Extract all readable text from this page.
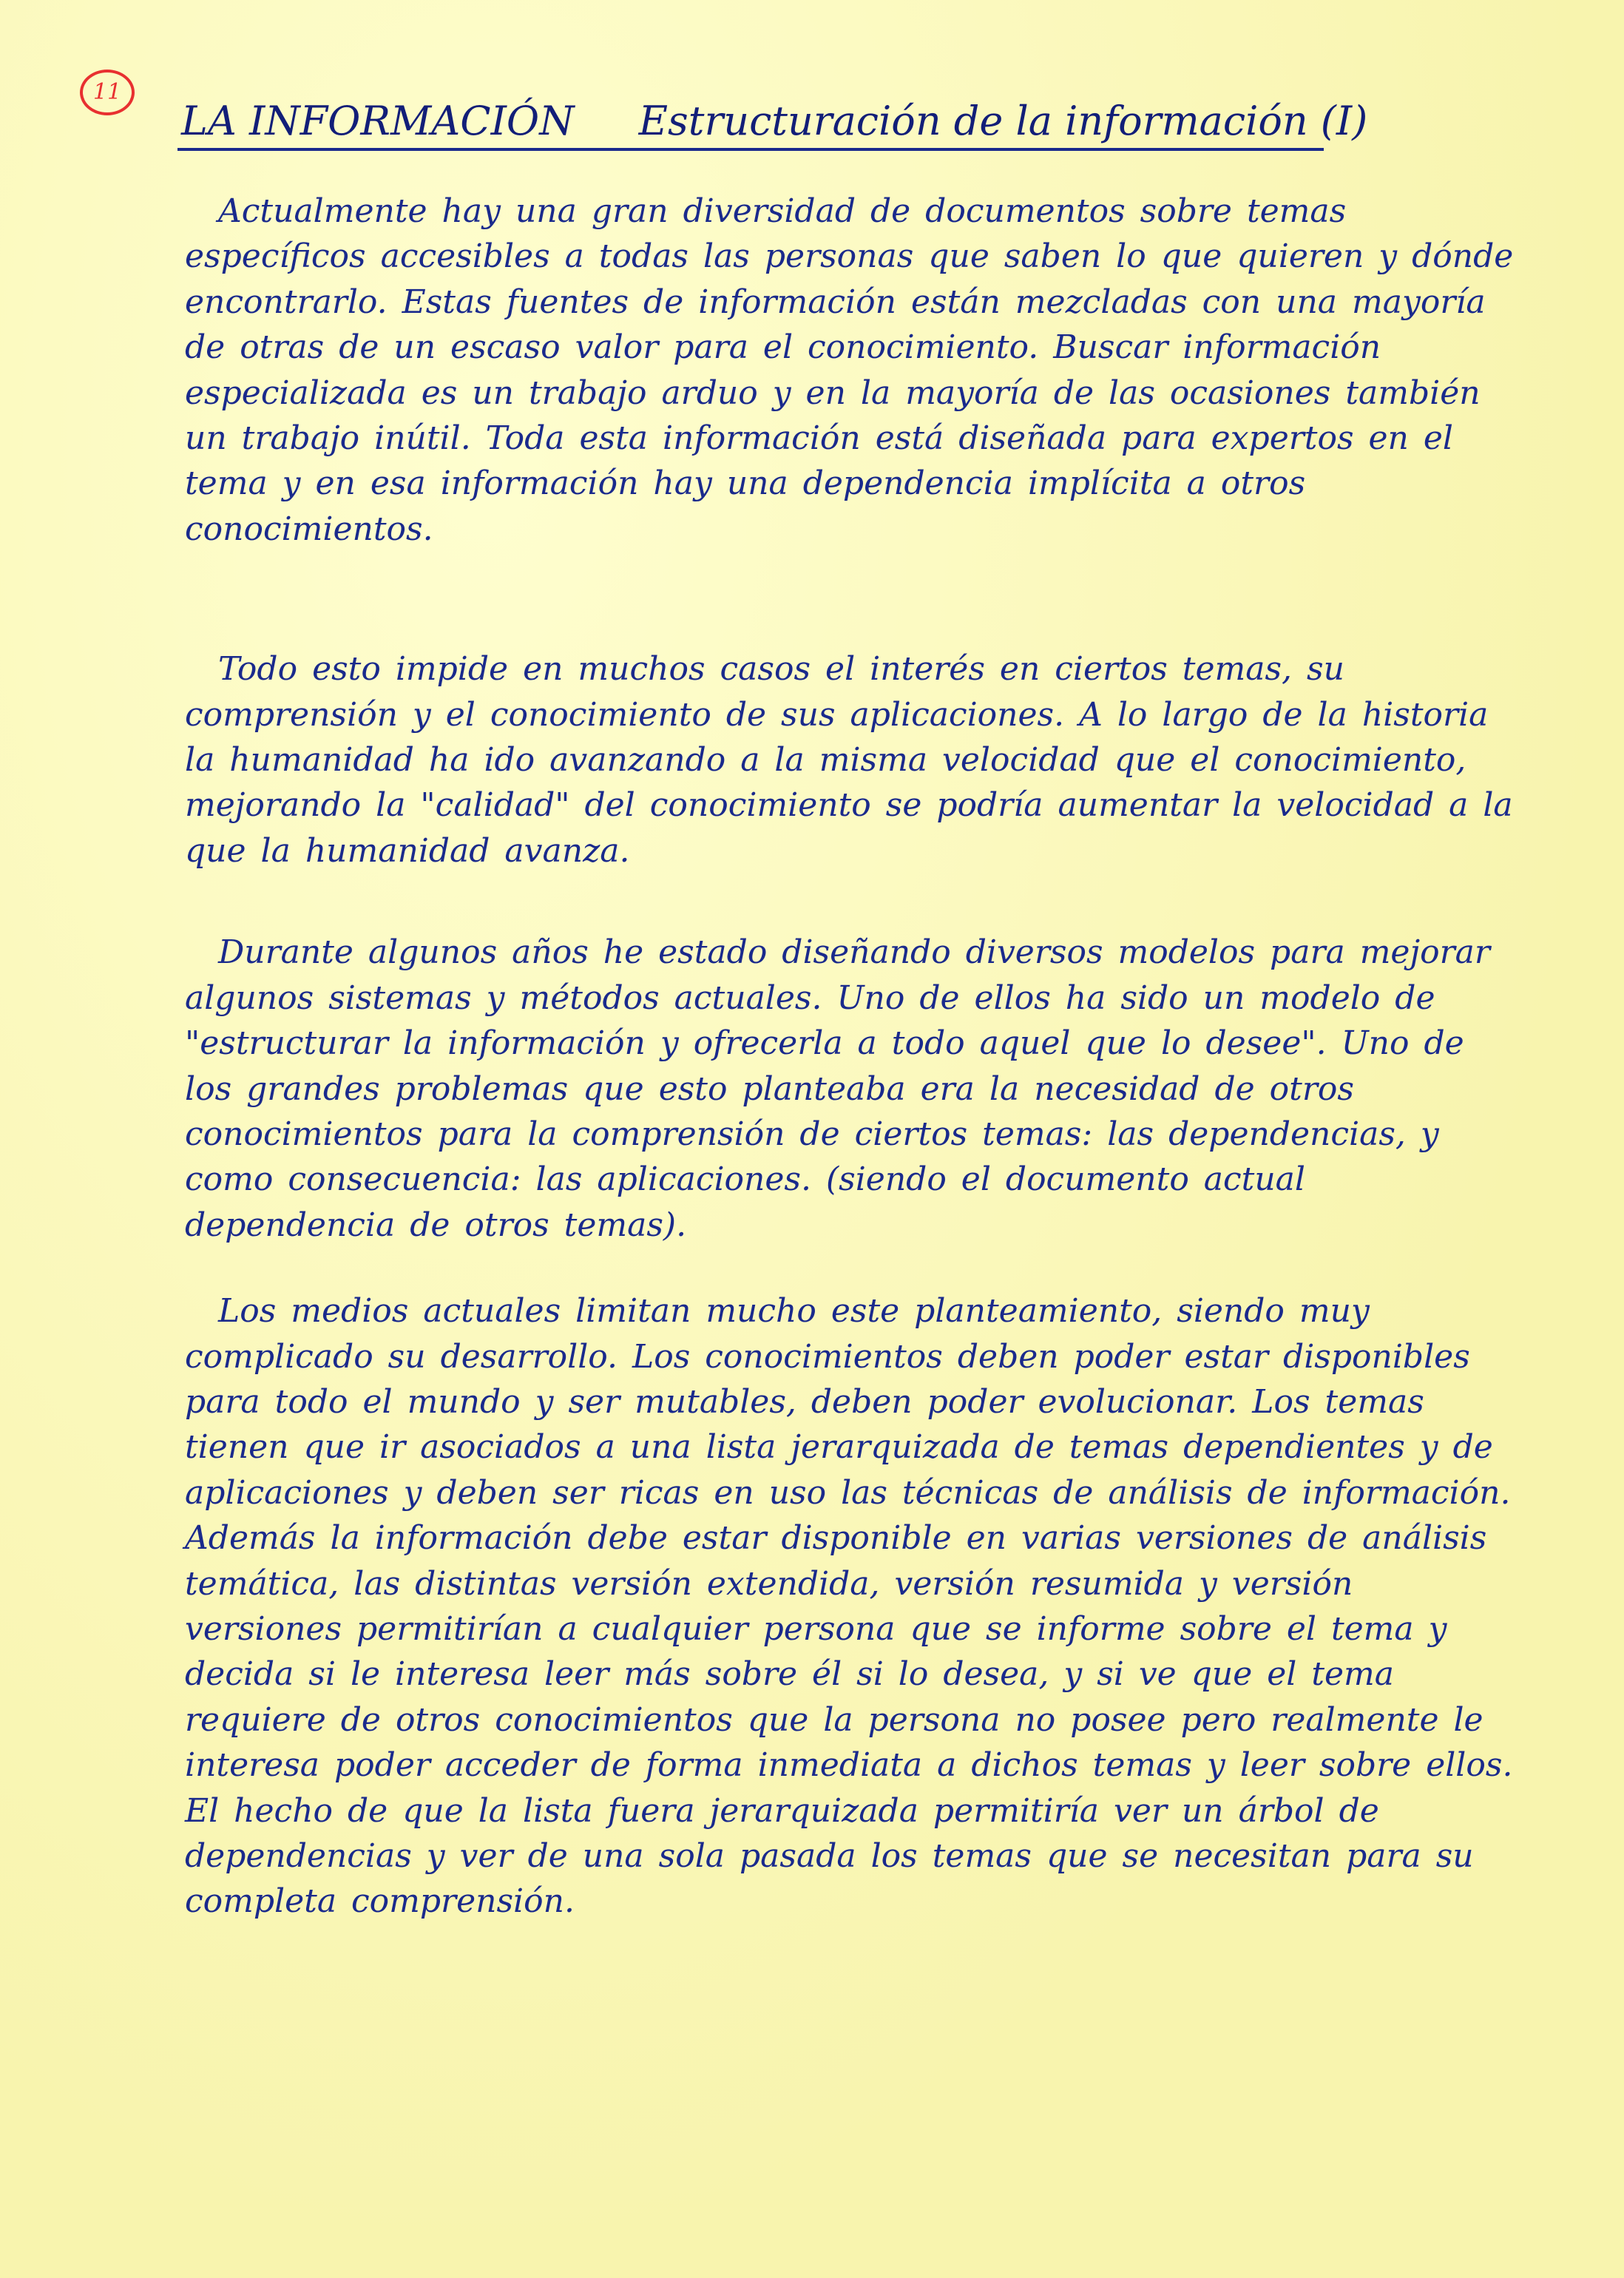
11
LA INFORMACIÓN Estructuración de la información (I)

Actualmente hay una gran diversidad de documentos sobre temas específicos accesibles a todas las personas que saben lo que quieren y dónde encontrarlo. Estas fuentes de información están mezcladas con una mayoría de otras de un escaso valor para el conocimiento. Buscar información especializada es un trabajo arduo y en la mayoría de las ocasiones también un trabajo inútil. Toda esta información está diseñada para expertos en el tema y en esa información hay una dependencia implícita a otros conocimientos.

Todo esto impide en muchos casos el interés en ciertos temas, su comprensión y el conocimiento de sus aplicaciones. A lo largo de la historia la humanidad ha ido avanzando a la misma velocidad que el conocimiento, mejorando la "calidad" del conocimiento se podría aumentar la velocidad a la que la humanidad avanza.

Durante algunos años he estado diseñando diversos modelos para mejorar algunos sistemas y métodos actuales. Uno de ellos ha sido un modelo de "estructurar la información y ofrecerla a todo aquel que lo desee". Uno de los grandes problemas que esto planteaba era la necesidad de otros conocimientos para la comprensión de ciertos temas: las dependencias, y como consecuencia: las aplicaciones. (siendo el documento actual dependencia de otros temas).

Los medios actuales limitan mucho este planteamiento, siendo muy complicado su desarrollo. Los conocimientos deben poder estar disponibles para todo el mundo y ser mutables, deben poder evolucionar. Los temas tienen que ir asociados a una lista jerarquizada de temas dependientes y de aplicaciones y deben ser ricas en uso las técnicas de análisis de información. Además la información debe estar disponible en varias versiones de análisis temática, las distintas versión extendida, versión resumida y versión versiones permitirían a cualquier persona que se informe sobre el tema y decida si le interesa leer más sobre él si lo desea, y si ve que el tema requiere de otros conocimientos que la persona no posee pero realmente le interesa poder acceder de forma inmediata a dichos temas y leer sobre ellos. El hecho de que la lista fuera jerarquizada permitiría ver un árbol de dependencias y ver de una sola pasada los temas que se necesitan para su completa comprensión.
